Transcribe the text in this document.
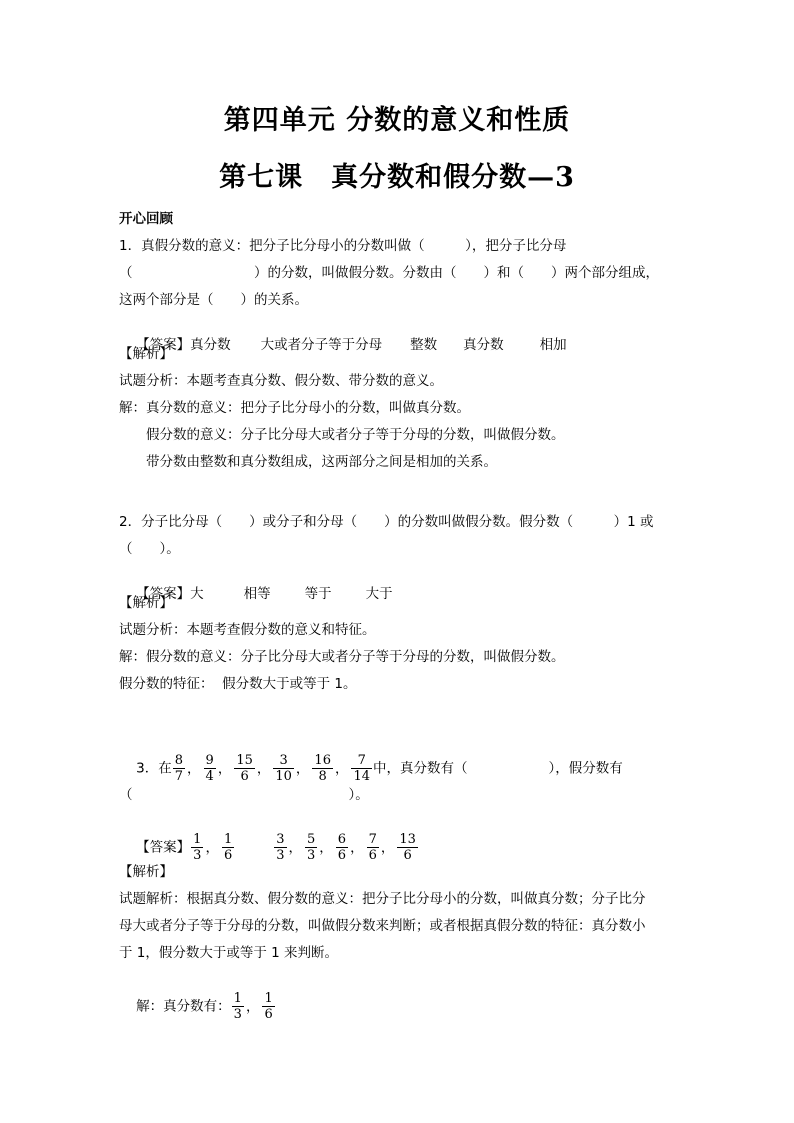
第四单元 分数的意义和性质
第七课　真分数和假分数—3
开心回顾
1．真假分数的意义：把分子比分母小的分数叫做（　　　），把分子比分母
（　　　　　　　　　）的分数，叫做假分数。分数由（　　）和（　　）两个部分组成，
这两个部分是（　　）的关系。

【答案】真分数 大或者分子等于分母 整数 真分数	相加

【解析】
试题分析：本题考查真分数、假分数、带分数的意义。
解：真分数的意义：把分子比分母小的分数，叫做真分数。
　　假分数的意义：分子比分母大或者分子等于分母的分数，叫做假分数。
　　带分数由整数和真分数组成，这两部分之间是相加的关系。
2．分子比分母（　　）或分子和分母（　　）的分数叫做假分数。假分数（　　　）1 或
（　　）。

【答案】大	相等	等于	大于

【解析】
试题分析：本题考查假分数的意义和特征。
解：假分数的意义：分子比分母大或者分子等于分母的分数，叫做假分数。
假分数的特征：  假分数大于或等于 1。

3．在 $\frac{8}{7}$ ， $\frac{9}{4}$ ， $\frac{15}{6}$ ， $\frac{3}{10}$ ， $\frac{16}{8}$ ， $\frac{7}{14}$ 中，真分数有（　　　　　　），假分数有

（　　　　　　　　　　　　　　　　）。

【答案】 $\frac{1}{3}$ ， $\frac{1}{6}$	$\frac{3}{3}$ ， $\frac{5}{3}$ ， $\frac{6}{6}$ ， $\frac{7}{6}$ ， $\frac{13}{6}$

【解析】
试题解析：根据真分数、假分数的意义：把分子比分母小的分数，叫做真分数；分子比分
母大或者分子等于分母的分数，叫做假分数来判断；或者根据真假分数的特征：真分数小
于 1，假分数大于或等于 1 来判断。

解：真分数有： $\frac{1}{3}$ ， $\frac{1}{6}$
